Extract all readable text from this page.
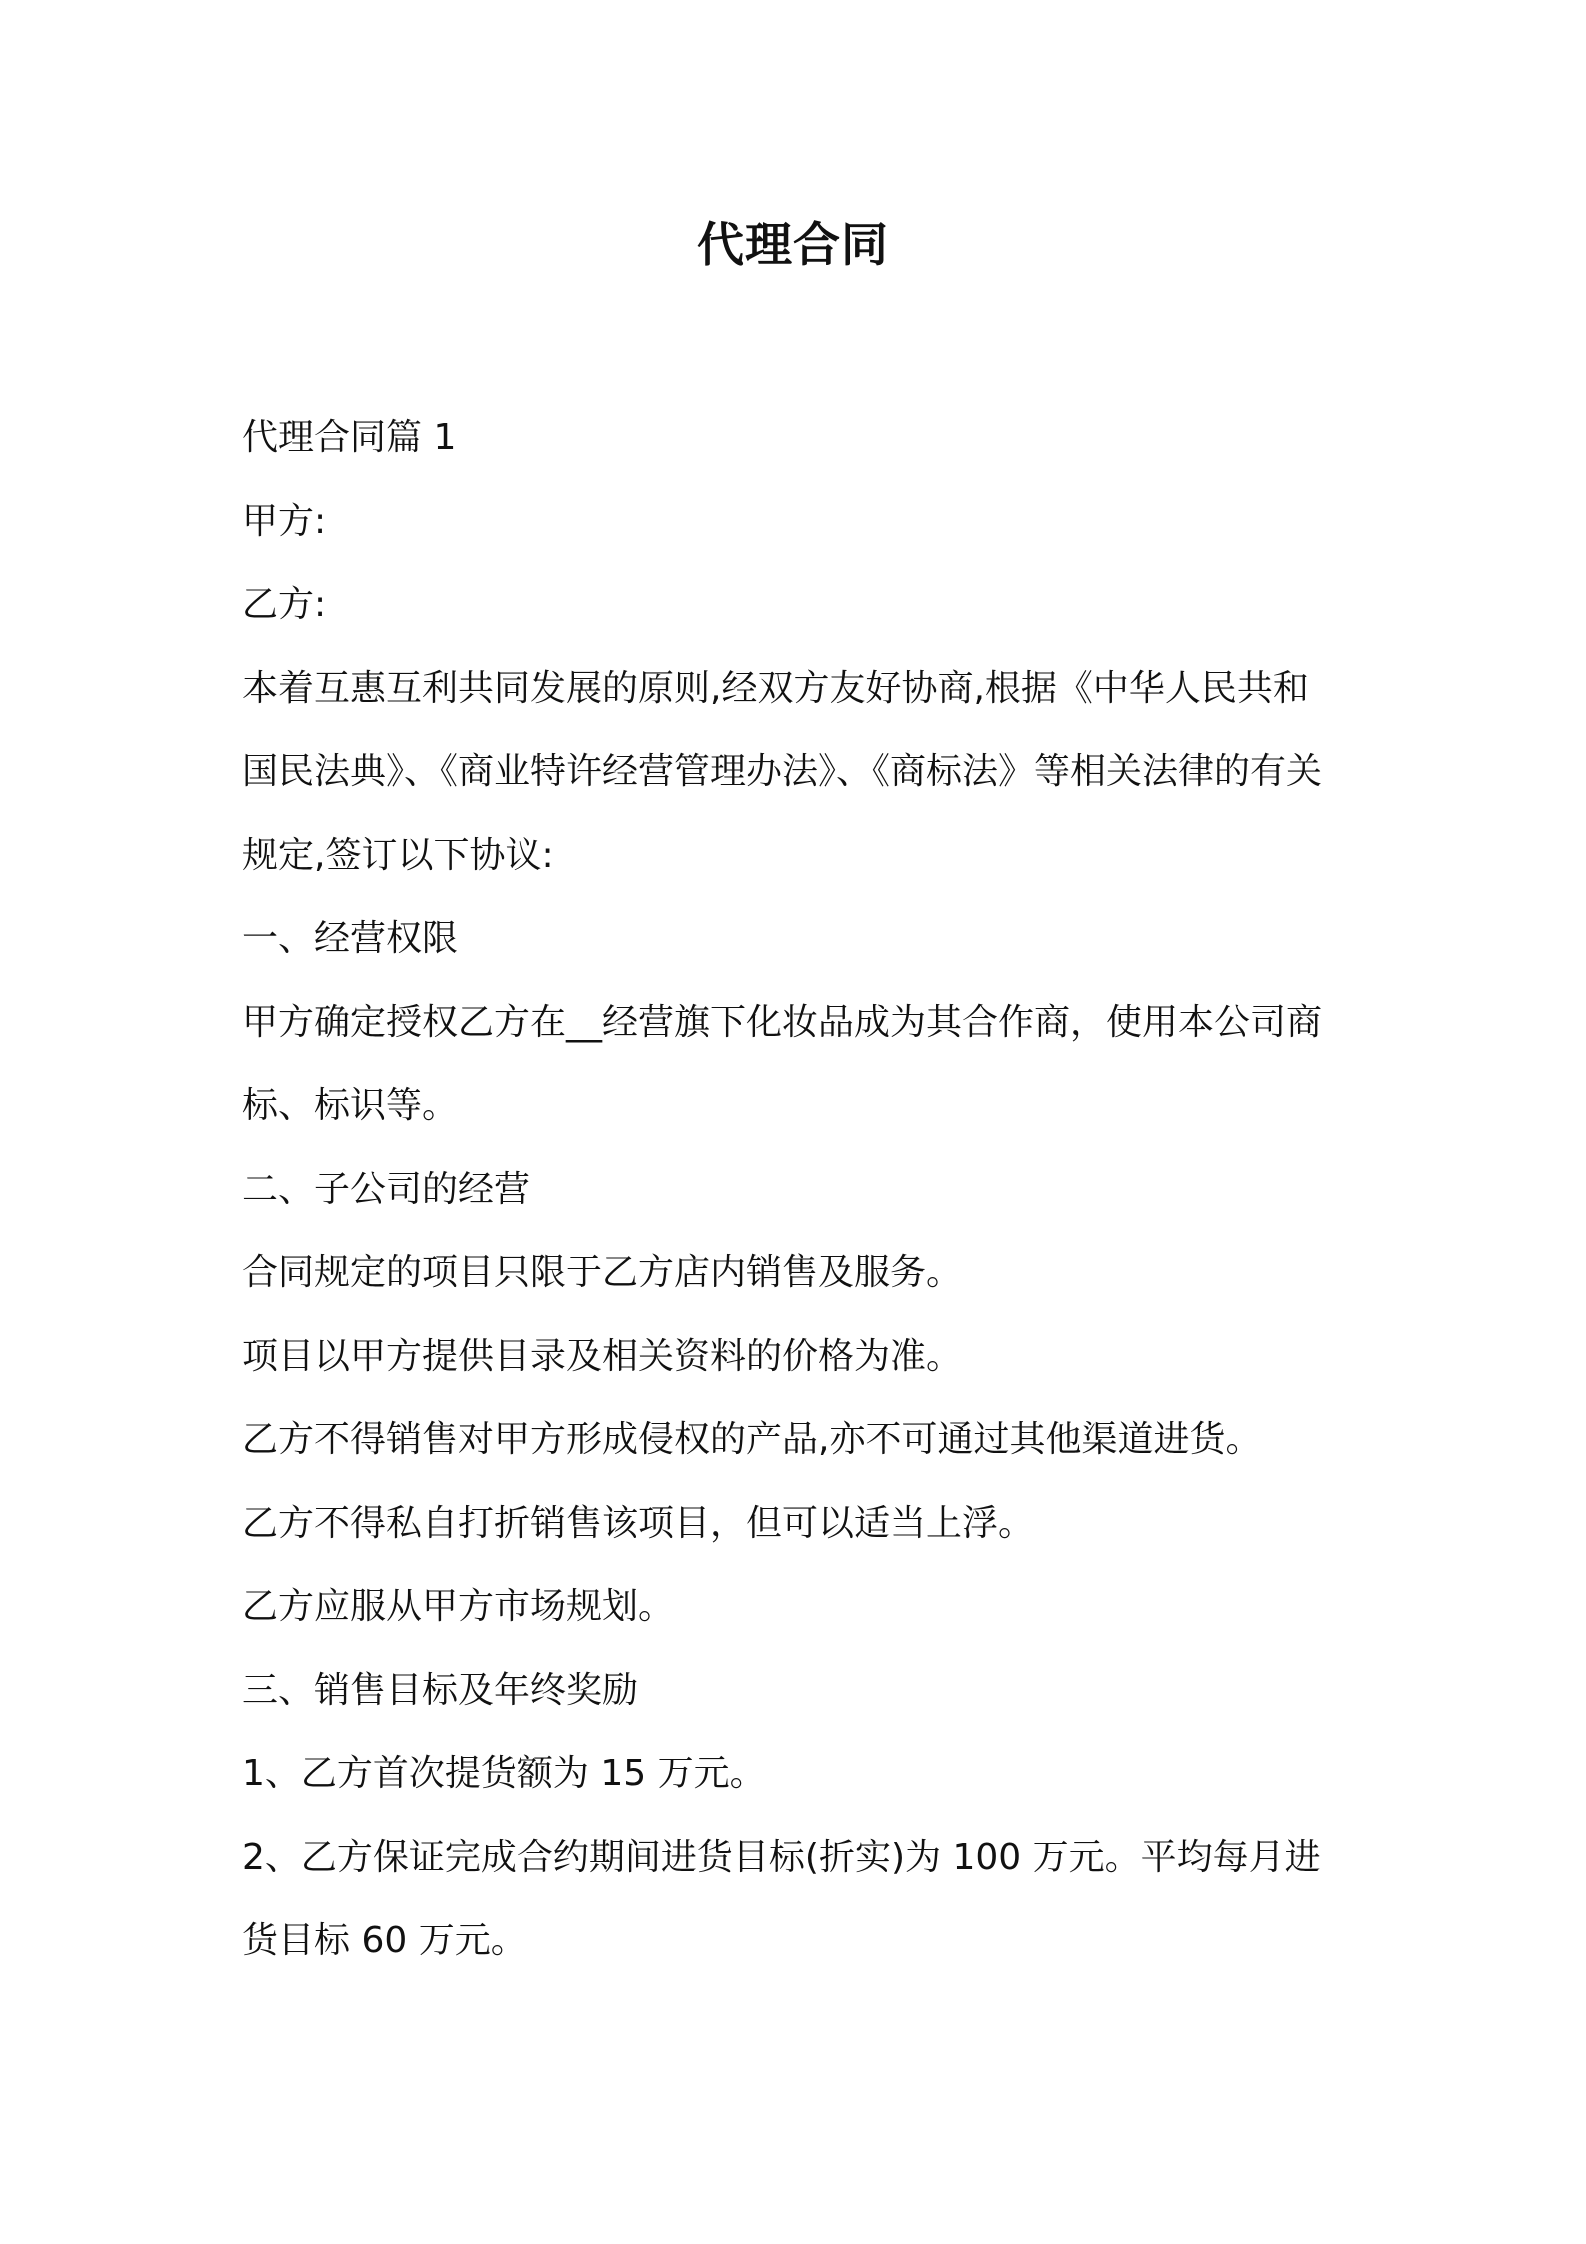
代理合同
代理合同篇 1
甲方:
乙方:
本着互惠互利共同发展的原则,经双方友好协商,根据《中华人民共和
国民法典》、《商业特许经营管理办法》、《商标法》等相关法律的有关
规定,签订以下协议:
一、经营权限
甲方确定授权乙方在__经营旗下化妆品成为其合作商，使用本公司商
标、标识等。
二、子公司的经营
合同规定的项目只限于乙方店内销售及服务。
项目以甲方提供目录及相关资料的价格为准。
乙方不得销售对甲方形成侵权的产品,亦不可通过其他渠道进货。
乙方不得私自打折销售该项目，但可以适当上浮。
乙方应服从甲方市场规划。
三、销售目标及年终奖励
1、乙方首次提货额为 15 万元。
2、乙方保证完成合约期间进货目标(折实)为 100 万元。平均每月进
货目标 60 万元。
